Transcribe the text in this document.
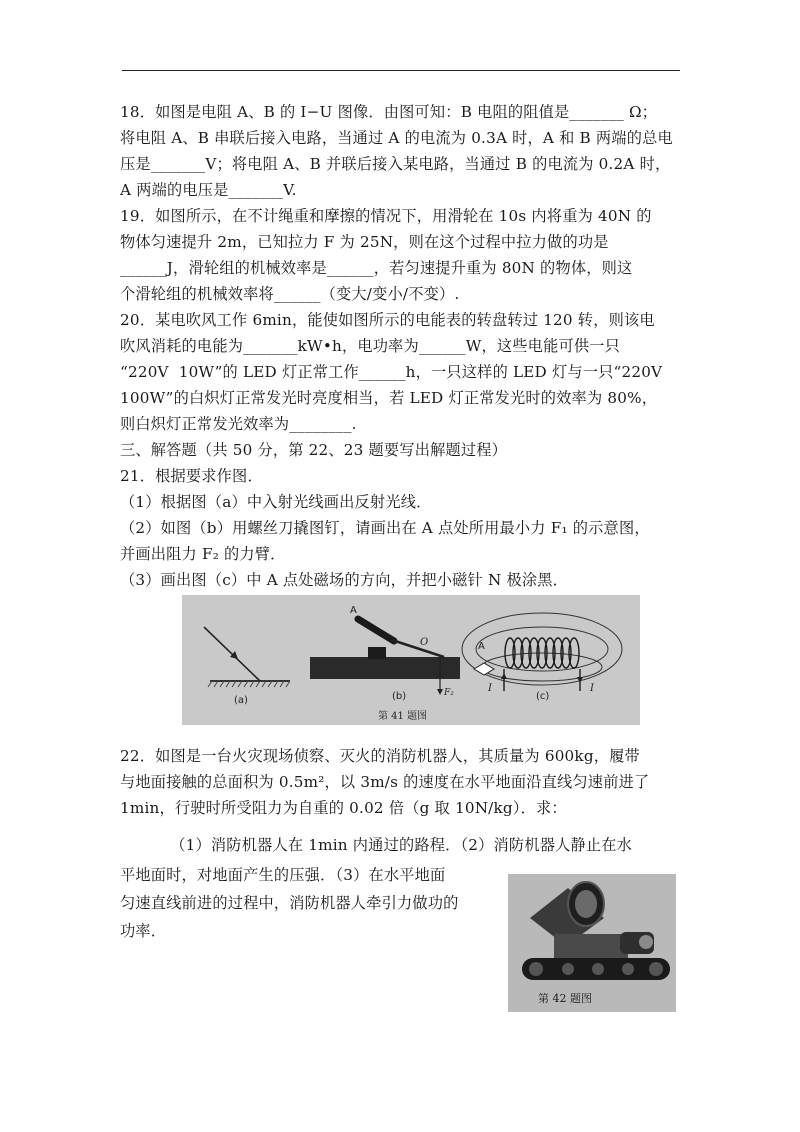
18．如图是电阻 A、B 的 I−U 图像．由图可知：B 电阻的阻值是_______ Ω；
将电阻 A、B 串联后接入电路，当通过 A 的电流为 0.3A 时，A 和 B 两端的总电
压是_______V；将电阻 A、B 并联后接入某电路，当通过 B 的电流为 0.2A 时，
A 两端的电压是_______V.
19．如图所示，在不计绳重和摩擦的情况下，用滑轮在 10s 内将重为 40N 的
物体匀速提升 2m，已知拉力 F 为 25N，则在这个过程中拉力做的功是
______J，滑轮组的机械效率是______，若匀速提升重为 80N 的物体，则这
个滑轮组的机械效率将______（变大/变小/不变）.
20．某电吹风工作 6min，能使如图所示的电能表的转盘转过 120 转，则该电
吹风消耗的电能为_______kW•h，电功率为______W，这些电能可供一只
“220V  10W”的 LED 灯正常工作______h，一只这样的 LED 灯与一只“220V
100W”的白炽灯正常发光时亮度相当，若 LED 灯正常发光时的效率为 80%，
则白炽灯正常发光效率为________.
三、解答题（共 50 分，第 22、23 题要写出解题过程）
21．根据要求作图．
（1）根据图（a）中入射光线画出反射光线．
（2）如图（b）用螺丝刀撬图钉，请画出在 A 点处所用最小力 F₁ 的示意图，
并画出阻力 F₂ 的力臂．
（3）画出图（c）中 A 点处磁场的方向，并把小磁针 N 极涂黑．
(a)
A
O
F₂
(b)
A
I	I
(c)
第 41 题图
22．如图是一台火灾现场侦察、灭火的消防机器人，其质量为 600kg，履带
与地面接触的总面积为 0.5m²，以 3m/s 的速度在水平地面沿直线匀速前进了
1min，行驶时所受阻力为自重的 0.02 倍（g 取 10N/kg）．求：
（1）消防机器人在 1min 内通过的路程．（2）消防机器人静止在水
平地面时，对地面产生的压强．（3）在水平地面
匀速直线前进的过程中，消防机器人牵引力做功的
功率．
第 42 题图
